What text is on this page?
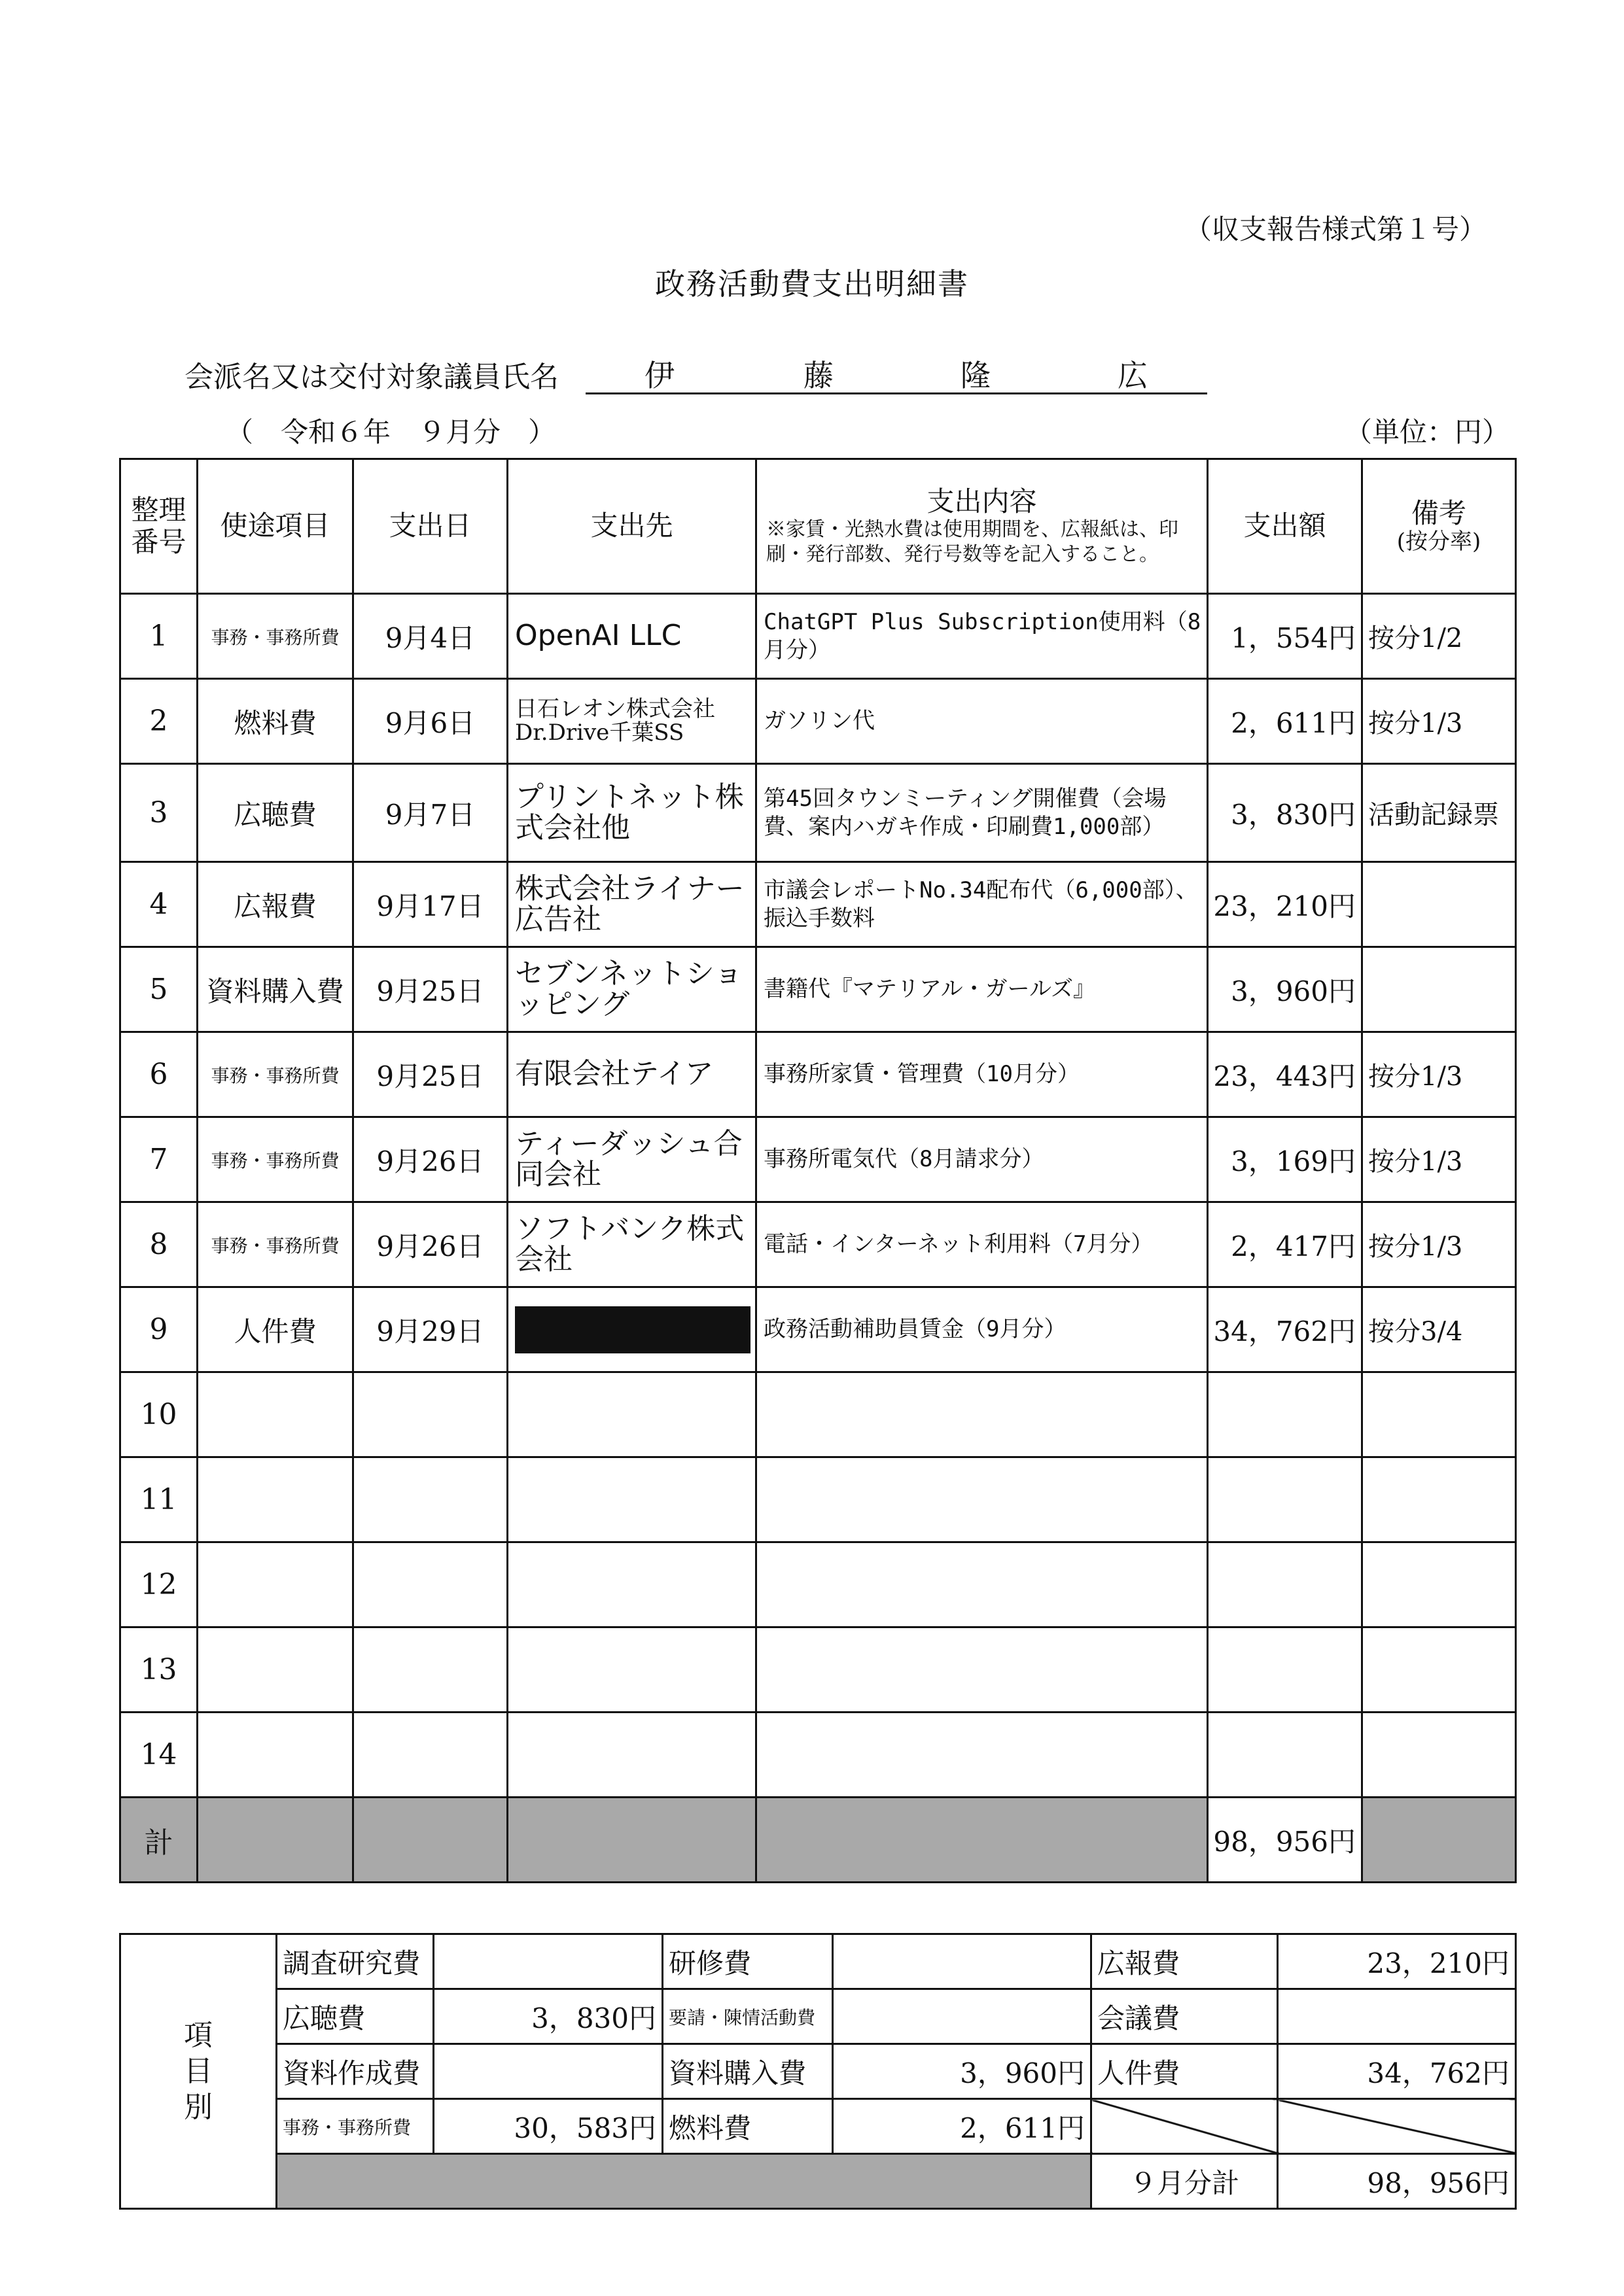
（収支報告様式第１号）
政務活動費支出明細書
会派名又は交付対象議員氏名	伊	藤	隆	広
（　令和６年　９月分　）	（単位：円）
整理
番号	使途項目	支出日	支出先	支出内容
※家賃・光熱水費は使用期間を、広報紙は、印刷・発行部数、発行号数等を記入すること。	支出額	備考
(按分率)

1	事務・事務所費	9月4日	OpenAI LLC	ChatGPT Plus Subscription使用料（8月分）	1，554円	按分1/2
2	燃料費	9月6日	日石レオン株式会社
Dr.Drive千葉SS	ガソリン代	2，611円	按分1/3
3	広聴費	9月7日	プリントネット株式会社他	第45回タウンミーティング開催費（会場費、案内ハガキ作成・印刷費1,000部）	3，830円	活動記録票
4	広報費	9月17日	株式会社ライナー広告社	市議会レポートNo.34配布代（6,000部）、振込手数料	23，210円	
5	資料購入費	9月25日	セブンネットショッピング	書籍代『マテリアル・ガールズ』	3，960円	
6	事務・事務所費	9月25日	有限会社テイア	事務所家賃・管理費（10月分）	23，443円	按分1/3
7	事務・事務所費	9月26日	ティーダッシュ合同会社	事務所電気代（8月請求分）	3，169円	按分1/3
8	事務・事務所費	9月26日	ソフトバンク株式会社	電話・インターネット利用料（7月分）	2，417円	按分1/3
9	人件費	9月29日		政務活動補助員賃金（9月分）	34，762円	按分3/4
10						
11						
12						
13						
14						
計					98，956円	
項
目
別	調査研究費		研修費		広報費	23，210円
	広聴費	3，830円	要請・陳情活動費		会議費	
	資料作成費		資料購入費	3，960円	人件費	34，762円
	事務・事務所費	30，583円	燃料費	2，611円		
					９月分計	98，956円
